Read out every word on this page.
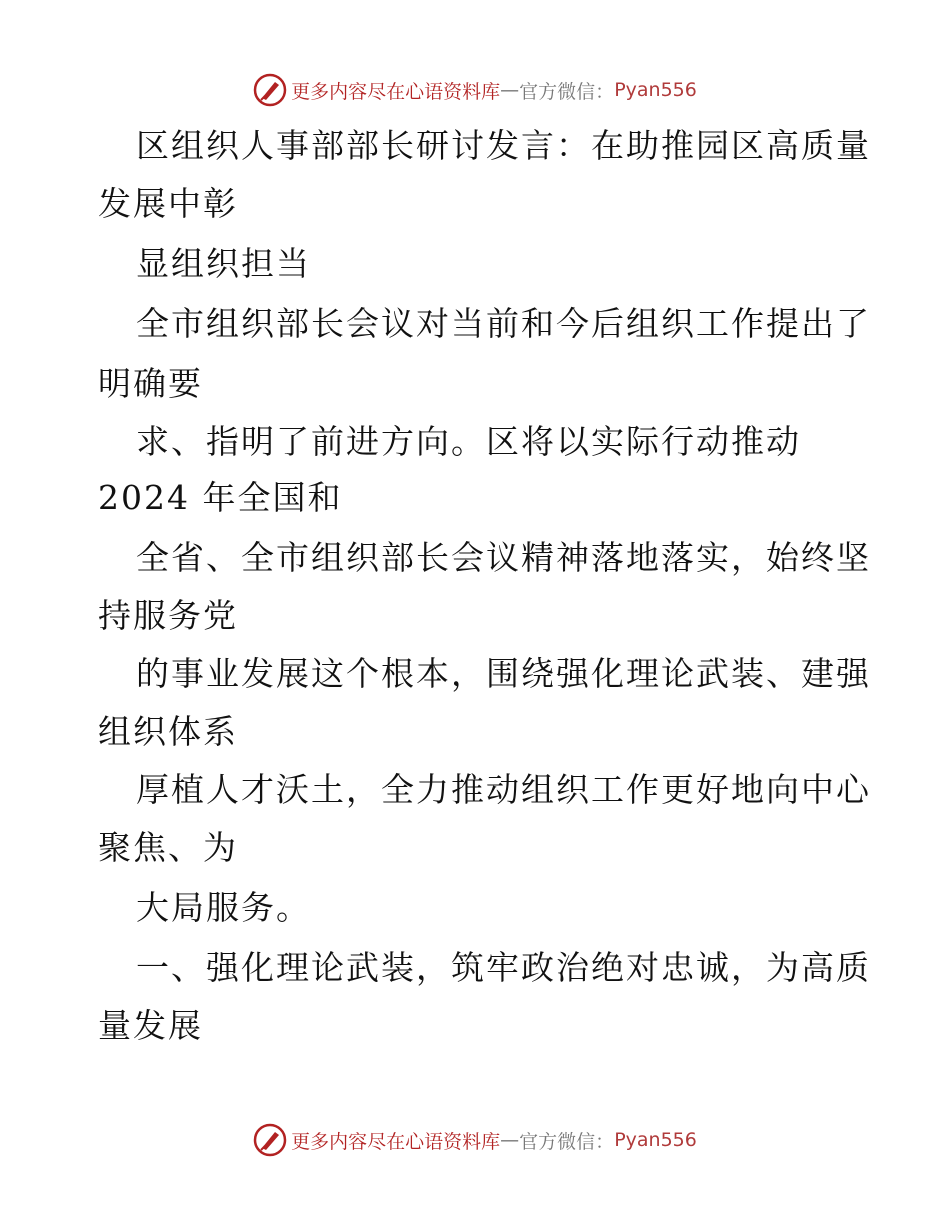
更多内容尽在心语资料库 — 官方微信 ： Pyan556
区组织人事部部长研讨发言：在助推园区高质量
发展中彰
显组织担当
全市组织部长会议对当前和今后组织工作提出了
明确要
求、指明了前进方向。区将以实际行动推动
2024 年全国和
全省、全市组织部长会议精神落地落实，始终坚
持服务党
的事业发展这个根本，围绕强化理论武装、建强
组织体系
厚植人才沃土，全力推动组织工作更好地向中心
聚焦、为
大局服务。
一、强化理论武装，筑牢政治绝对忠诚，为高质
量发展
更多内容尽在心语资料库 — 官方微信 ： Pyan556
